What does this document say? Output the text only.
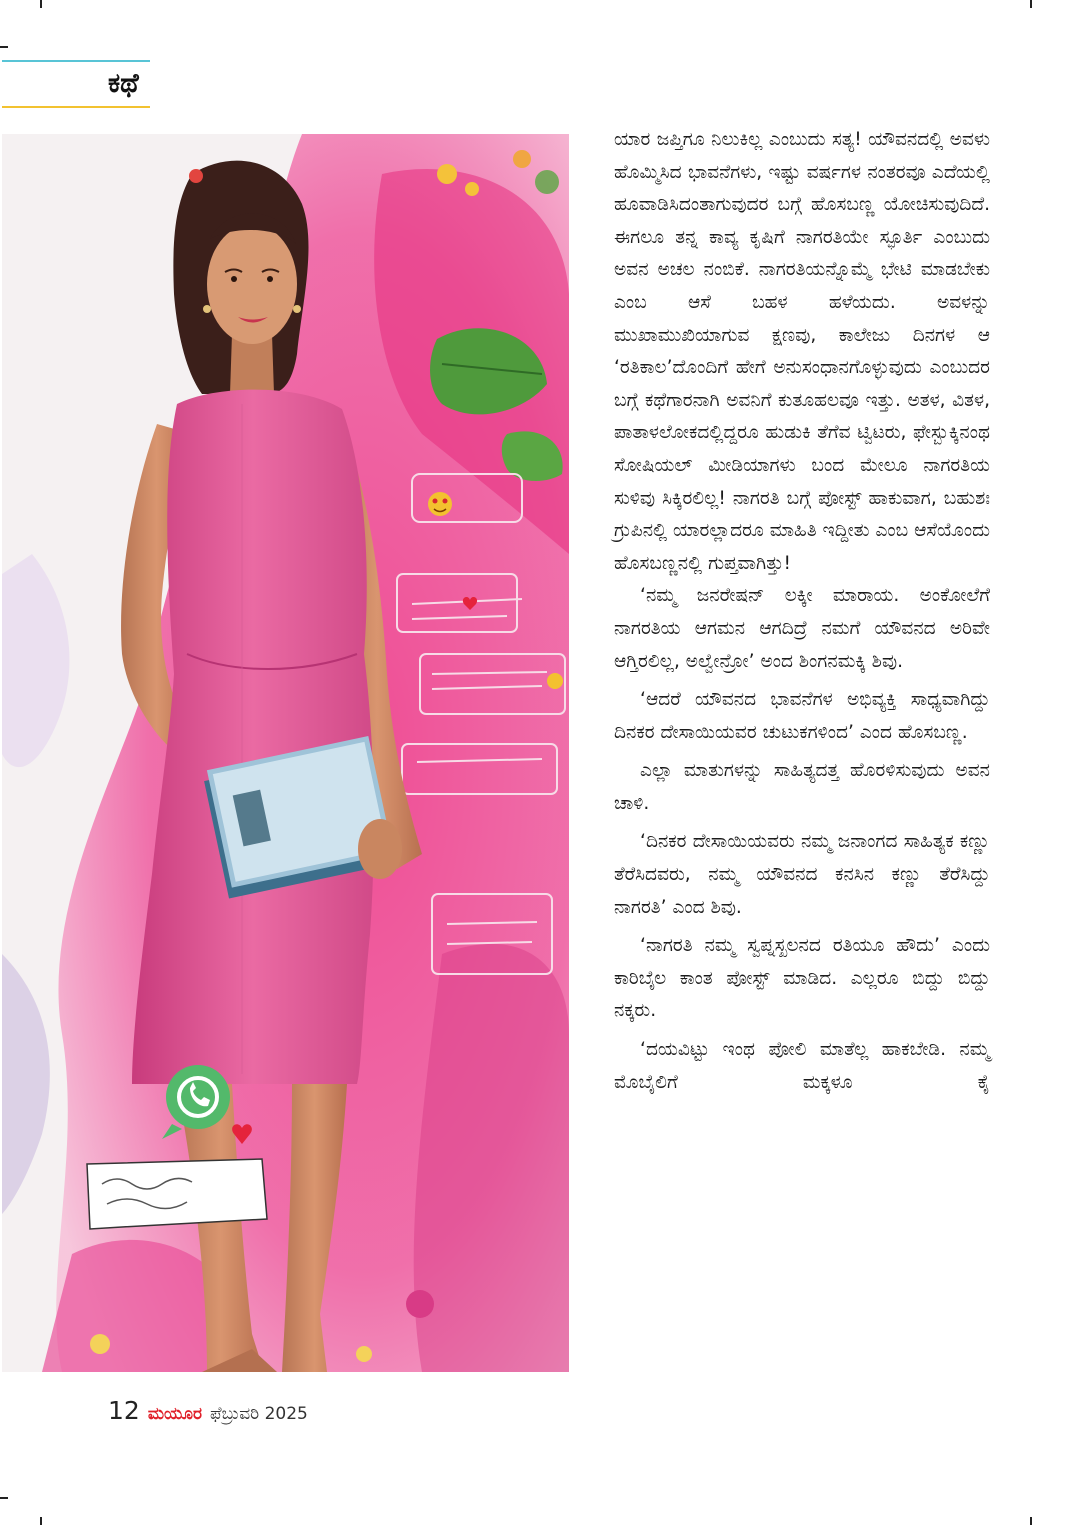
ಕಥೆ

ಯಾರ ಜಪ್ತಿಗೂ ನಿಲುಕಿಲ್ಲ ಎಂಬುದು ಸತ್ಯ! ಯೌವನದಲ್ಲಿ ಅವಳು ಹೊಮ್ಮಿಸಿದ ಭಾವನೆಗಳು, ಇಷ್ಟು ವರ್ಷಗಳ ನಂತರವೂ ಎದೆಯಲ್ಲಿ ಹೂವಾಡಿಸಿದಂತಾಗುವುದರ ಬಗ್ಗೆ ಹೊಸಬಣ್ಣ ಯೋಚಿಸುವುದಿದೆ. ಈಗಲೂ ತನ್ನ ಕಾವ್ಯ ಕೃಷಿಗೆ ನಾಗರತಿಯೇ ಸ್ಫೂರ್ತಿ ಎಂಬುದು ಅವನ ಅಚಲ ನಂಬಿಕೆ. ನಾಗರತಿಯನ್ನೊಮ್ಮೆ ಭೇಟಿ ಮಾಡಬೇಕು ಎಂಬ ಆಸೆ ಬಹಳ ಹಳೆಯದು. ಅವಳನ್ನು ಮುಖಾಮುಖಿಯಾಗುವ ಕ್ಷಣವು, ಕಾಲೇಜು ದಿನಗಳ ಆ ‘ರತಿಕಾಲ’ದೊಂದಿಗೆ ಹೇಗೆ ಅನುಸಂಧಾನಗೊಳ್ಳುವುದು ಎಂಬುದರ ಬಗ್ಗೆ ಕಥೆಗಾರನಾಗಿ ಅವನಿಗೆ ಕುತೂಹಲವೂ ಇತ್ತು. ಅತಳ, ವಿತಳ, ಪಾತಾಳಲೋಕದಲ್ಲಿದ್ದರೂ ಹುಡುಕಿ ತೆಗೆವ ಟ್ವಿಟರು, ಫೇಸ್ಬುಕ್ಕಿನಂಥ ಸೋಷಿಯಲ್ ಮೀಡಿಯಾಗಳು ಬಂದ ಮೇಲೂ ನಾಗರತಿಯ ಸುಳಿವು ಸಿಕ್ಕಿರಲಿಲ್ಲ! ನಾಗರತಿ ಬಗ್ಗೆ ಪೋಸ್ಟ್ ಹಾಕುವಾಗ, ಬಹುಶಃ ಗ್ರುಪಿನಲ್ಲಿ ಯಾರಲ್ಲಾದರೂ ಮಾಹಿತಿ ಇದ್ದೀತು ಎಂಬ ಆಸೆಯೊಂದು ಹೊಸಬಣ್ಣನಲ್ಲಿ ಗುಪ್ತವಾಗಿತ್ತು!

‘ನಮ್ಮ ಜನರೇಷನ್ ಲಕ್ಕೀ ಮಾರಾಯ. ಅಂಕೋಲೆಗೆ ನಾಗರತಿಯ ಆಗಮನ ಆಗದಿದ್ರೆ ನಮಗೆ ಯೌವನದ ಅರಿವೇ ಆಗ್ತಿರಲಿಲ್ಲ, ಅಲ್ವೇನ್ರೋ’ ಅಂದ ಶಿಂಗನಮಕ್ಕಿ ಶಿವು.

‘ಆದರೆ ಯೌವನದ ಭಾವನೆಗಳ ಅಭಿವ್ಯಕ್ತಿ ಸಾಧ್ಯವಾಗಿದ್ದು ದಿನಕರ ದೇಸಾಯಿಯವರ ಚುಟುಕಗಳಿಂದ’ ಎಂದ ಹೊಸಬಣ್ಣ.

ಎಲ್ಲಾ ಮಾತುಗಳನ್ನು ಸಾಹಿತ್ಯದತ್ತ ಹೊರಳಿಸುವುದು ಅವನ ಚಾಳಿ.

‘ದಿನಕರ ದೇಸಾಯಿಯವರು ನಮ್ಮ ಜನಾಂಗದ ಸಾಹಿತ್ಯಕ ಕಣ್ಣು ತೆರೆಸಿದವರು, ನಮ್ಮ ಯೌವನದ ಕನಸಿನ ಕಣ್ಣು ತೆರೆಸಿದ್ದು ನಾಗರತಿ’ ಎಂದ ಶಿವು.

‘ನಾಗರತಿ ನಮ್ಮ ಸ್ವಪ್ನಸ್ಖಲನದ ರತಿಯೂ ಹೌದು’ ಎಂದು ಕಾರಿಬೈಲ ಕಾಂತ ಪೋಸ್ಟ್ ಮಾಡಿದ. ಎಲ್ಲರೂ ಬಿದ್ದು ಬಿದ್ದು ನಕ್ಕರು.

‘ದಯವಿಟ್ಟು ಇಂಥ ಪೋಲಿ ಮಾತೆಲ್ಲ ಹಾಕಬೇಡಿ. ನಮ್ಮ ಮೊಬೈಲಿಗೆ ಮಕ್ಕಳೂ ಕೈ

12 ಮಯೂರ ಫೆಬ್ರುವರಿ 2025
